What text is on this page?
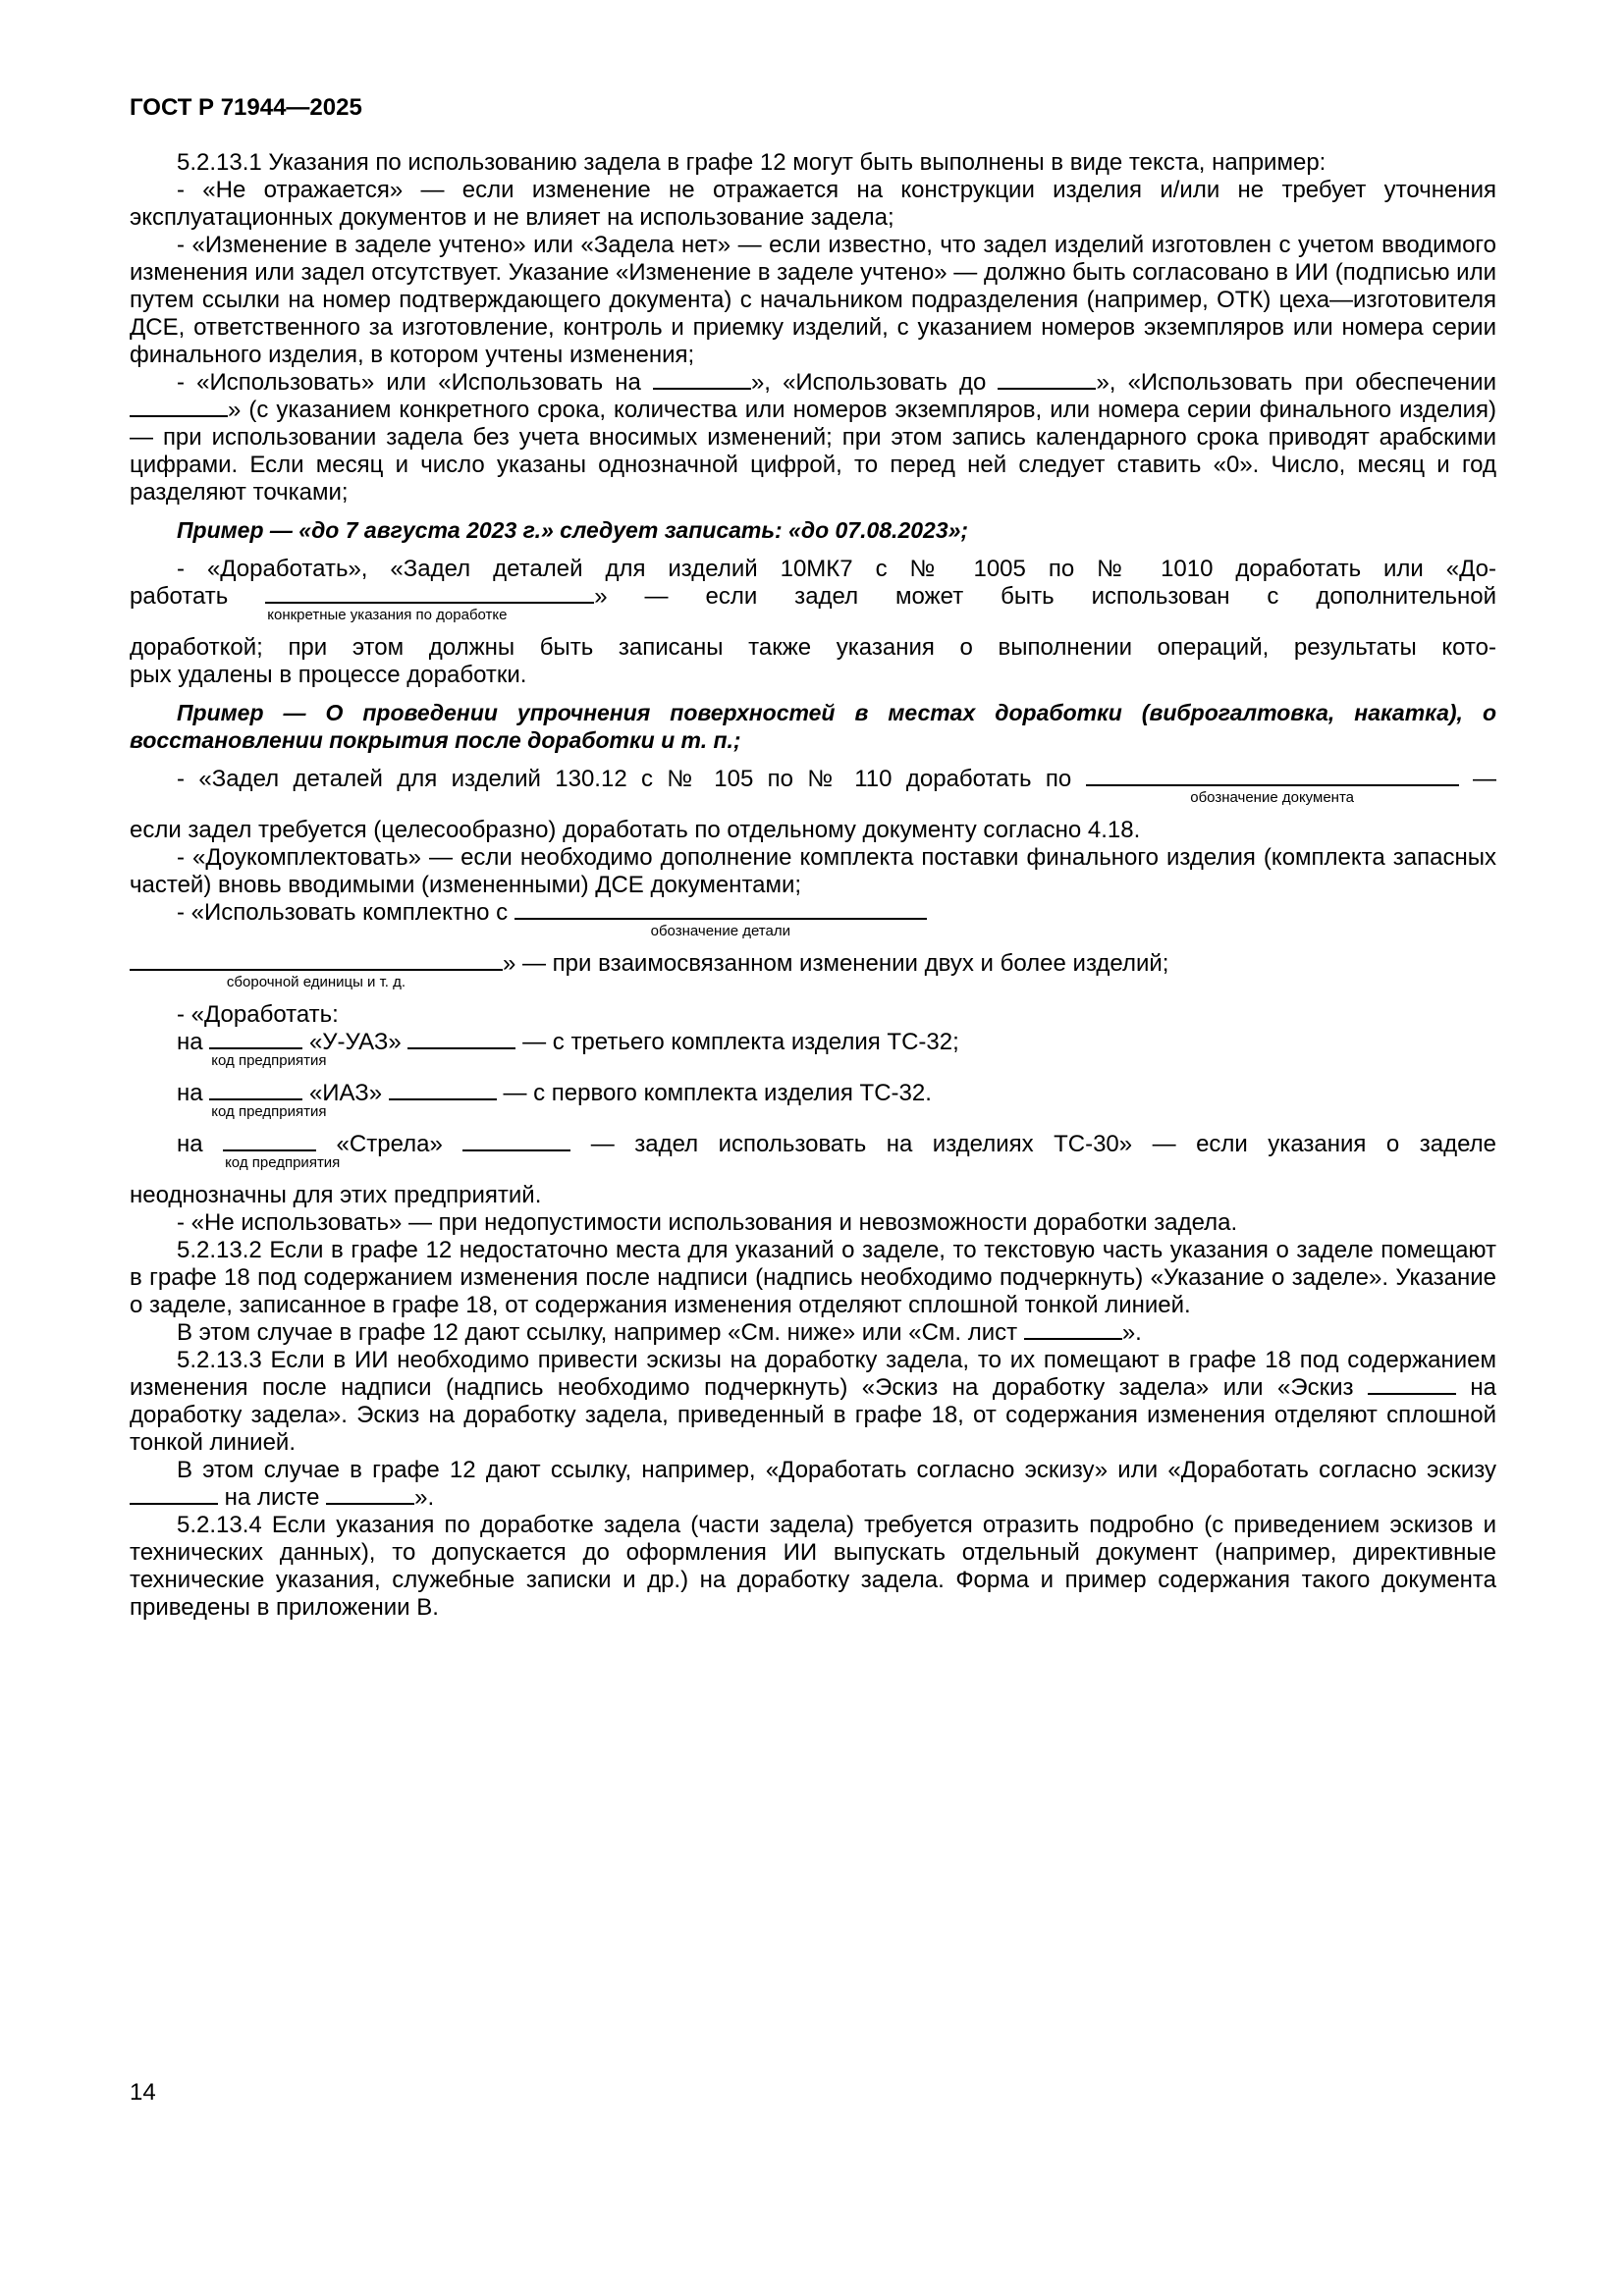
ГОСТ Р 71944—2025
5.2.13.1 Указания по использованию задела в графе 12 могут быть выполнены в виде текста, например:
- «Не отражается» — если изменение не отражается на конструкции изделия и/или не требует уточнения эксплуатационных документов и не влияет на использование задела;
- «Изменение в заделе учтено» или «Задела нет» — если известно, что задел изделий изготовлен с учетом вводимого изменения или задел отсутствует. Указание «Изменение в заделе учтено» — должно быть согласовано в ИИ (подписью или путем ссылки на номер подтверждающего документа) с начальником подразделения (например, ОТК) цеха—изготовителя ДСЕ, ответственного за изготовление, контроль и приемку изделий, с указанием номеров экземпляров или номера серии финального изделия, в котором учтены изменения;
- «Использовать» или «Использовать на	», «Использовать до	», «Использовать при обеспечении » (с указанием конкретного срока, количества или номеров экземпляров, или номера серии финального изделия) — при использовании задела без учета вносимых изменений; при этом запись календарного срока приводят арабскими цифрами. Если месяц и число указаны однозначной цифрой, то перед ней следует ставить «0». Число, месяц и год разделяют точками;
Пример — «до 7 августа 2023 г.» следует записать: «до 07.08.2023»;
- «Доработать», «Задел деталей для изделий 10МК7 с № 1005 по № 1010 доработать или «До-
работать
конкретные указания по доработке
» — если задел может быть использован с дополнительной
доработкой; при этом должны быть записаны также указания о выполнении операций, результаты кото-
рых удалены в процессе доработки.
Пример — О проведении упрочнения поверхностей в местах доработки (виброгалтовка, накатка), о восстановлении покрытия после доработки и т. п.;
- «Задел деталей для изделий 130.12 с № 105 по № 110 доработать по
обозначение документа
—
если задел требуется (целесообразно) доработать по отдельному документу согласно 4.18.
- «Доукомплектовать» — если необходимо дополнение комплекта поставки финального изделия (комплекта запасных частей) вновь вводимыми (измененными) ДСЕ документами;
- «Использовать комплектно с
обозначение детали
сборочной единицы и т. д.
» — при взаимосвязанном изменении двух и более изделий;
- «Доработать:
на
код предприятия
«У-УАЗ»	— с третьего комплекта изделия ТС-32;
на
код предприятия
«ИАЗ»	— с первого комплекта изделия ТС-32.
на
код предприятия
«Стрела»	— задел использовать на изделиях ТС-30» — если указания о заделе
неоднозначны для этих предприятий.
- «Не использовать» — при недопустимости использования и невозможности доработки задела.
5.2.13.2 Если в графе 12 недостаточно места для указаний о заделе, то текстовую часть указания о заделе помещают в графе 18 под содержанием изменения после надписи (надпись необходимо подчеркнуть) «Указание о заделе». Указание о заделе, записанное в графе 18, от содержания изменения отделяют сплошной тонкой линией.
В этом случае в графе 12 дают ссылку, например «См. ниже» или «См. лист	».
5.2.13.3 Если в ИИ необходимо привести эскизы на доработку задела, то их помещают в графе 18 под содержанием изменения после надписи (надпись необходимо подчеркнуть) «Эскиз на доработку задела» или «Эскиз	на доработку задела». Эскиз на доработку задела, приведенный в графе 18, от содержания изменения отделяют сплошной тонкой линией.
В этом случае в графе 12 дают ссылку, например, «Доработать согласно эскизу» или «Доработать согласно эскизу  на листе	».
5.2.13.4 Если указания по доработке задела (части задела) требуется отразить подробно (с приведением эскизов и технических данных), то допускается до оформления ИИ выпускать отдельный документ (например, директивные технические указания, служебные записки и др.) на доработку задела. Форма и пример содержания такого документа приведены в приложении В.
14
